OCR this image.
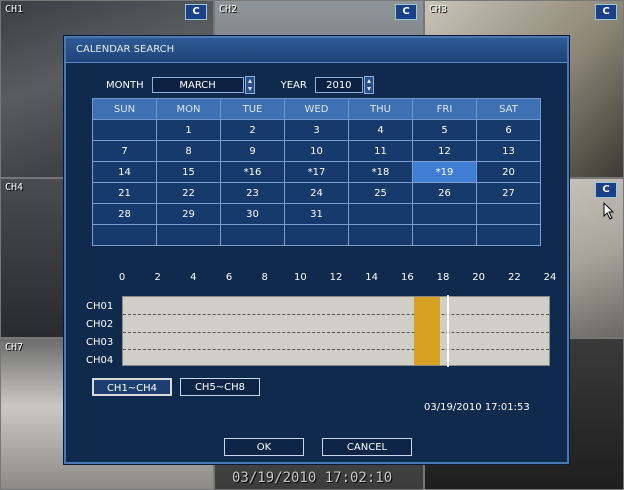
CH1	C	CH2	C	CH3	C
CH4	C
CH7
03/19/2010 17:02:10
CALENDAR SEARCH
MONTH	MARCH	YEAR	2010
SUN	MON	TUE	WED	THU	FRI	SAT
	1	2	3	4	5	6
7	8	9	10	11	12	13
14	15	*16	*17	*18	*19	20
21	22	23	24	25	26	27
28	29	30	31			

0	2	4	6	8	10 12 14 16 18 20 22 24
CH01
CH02
CH03
CH04
CH1~CH4	CH5~CH8
03/19/2010 17:01:53
OK	CANCEL
